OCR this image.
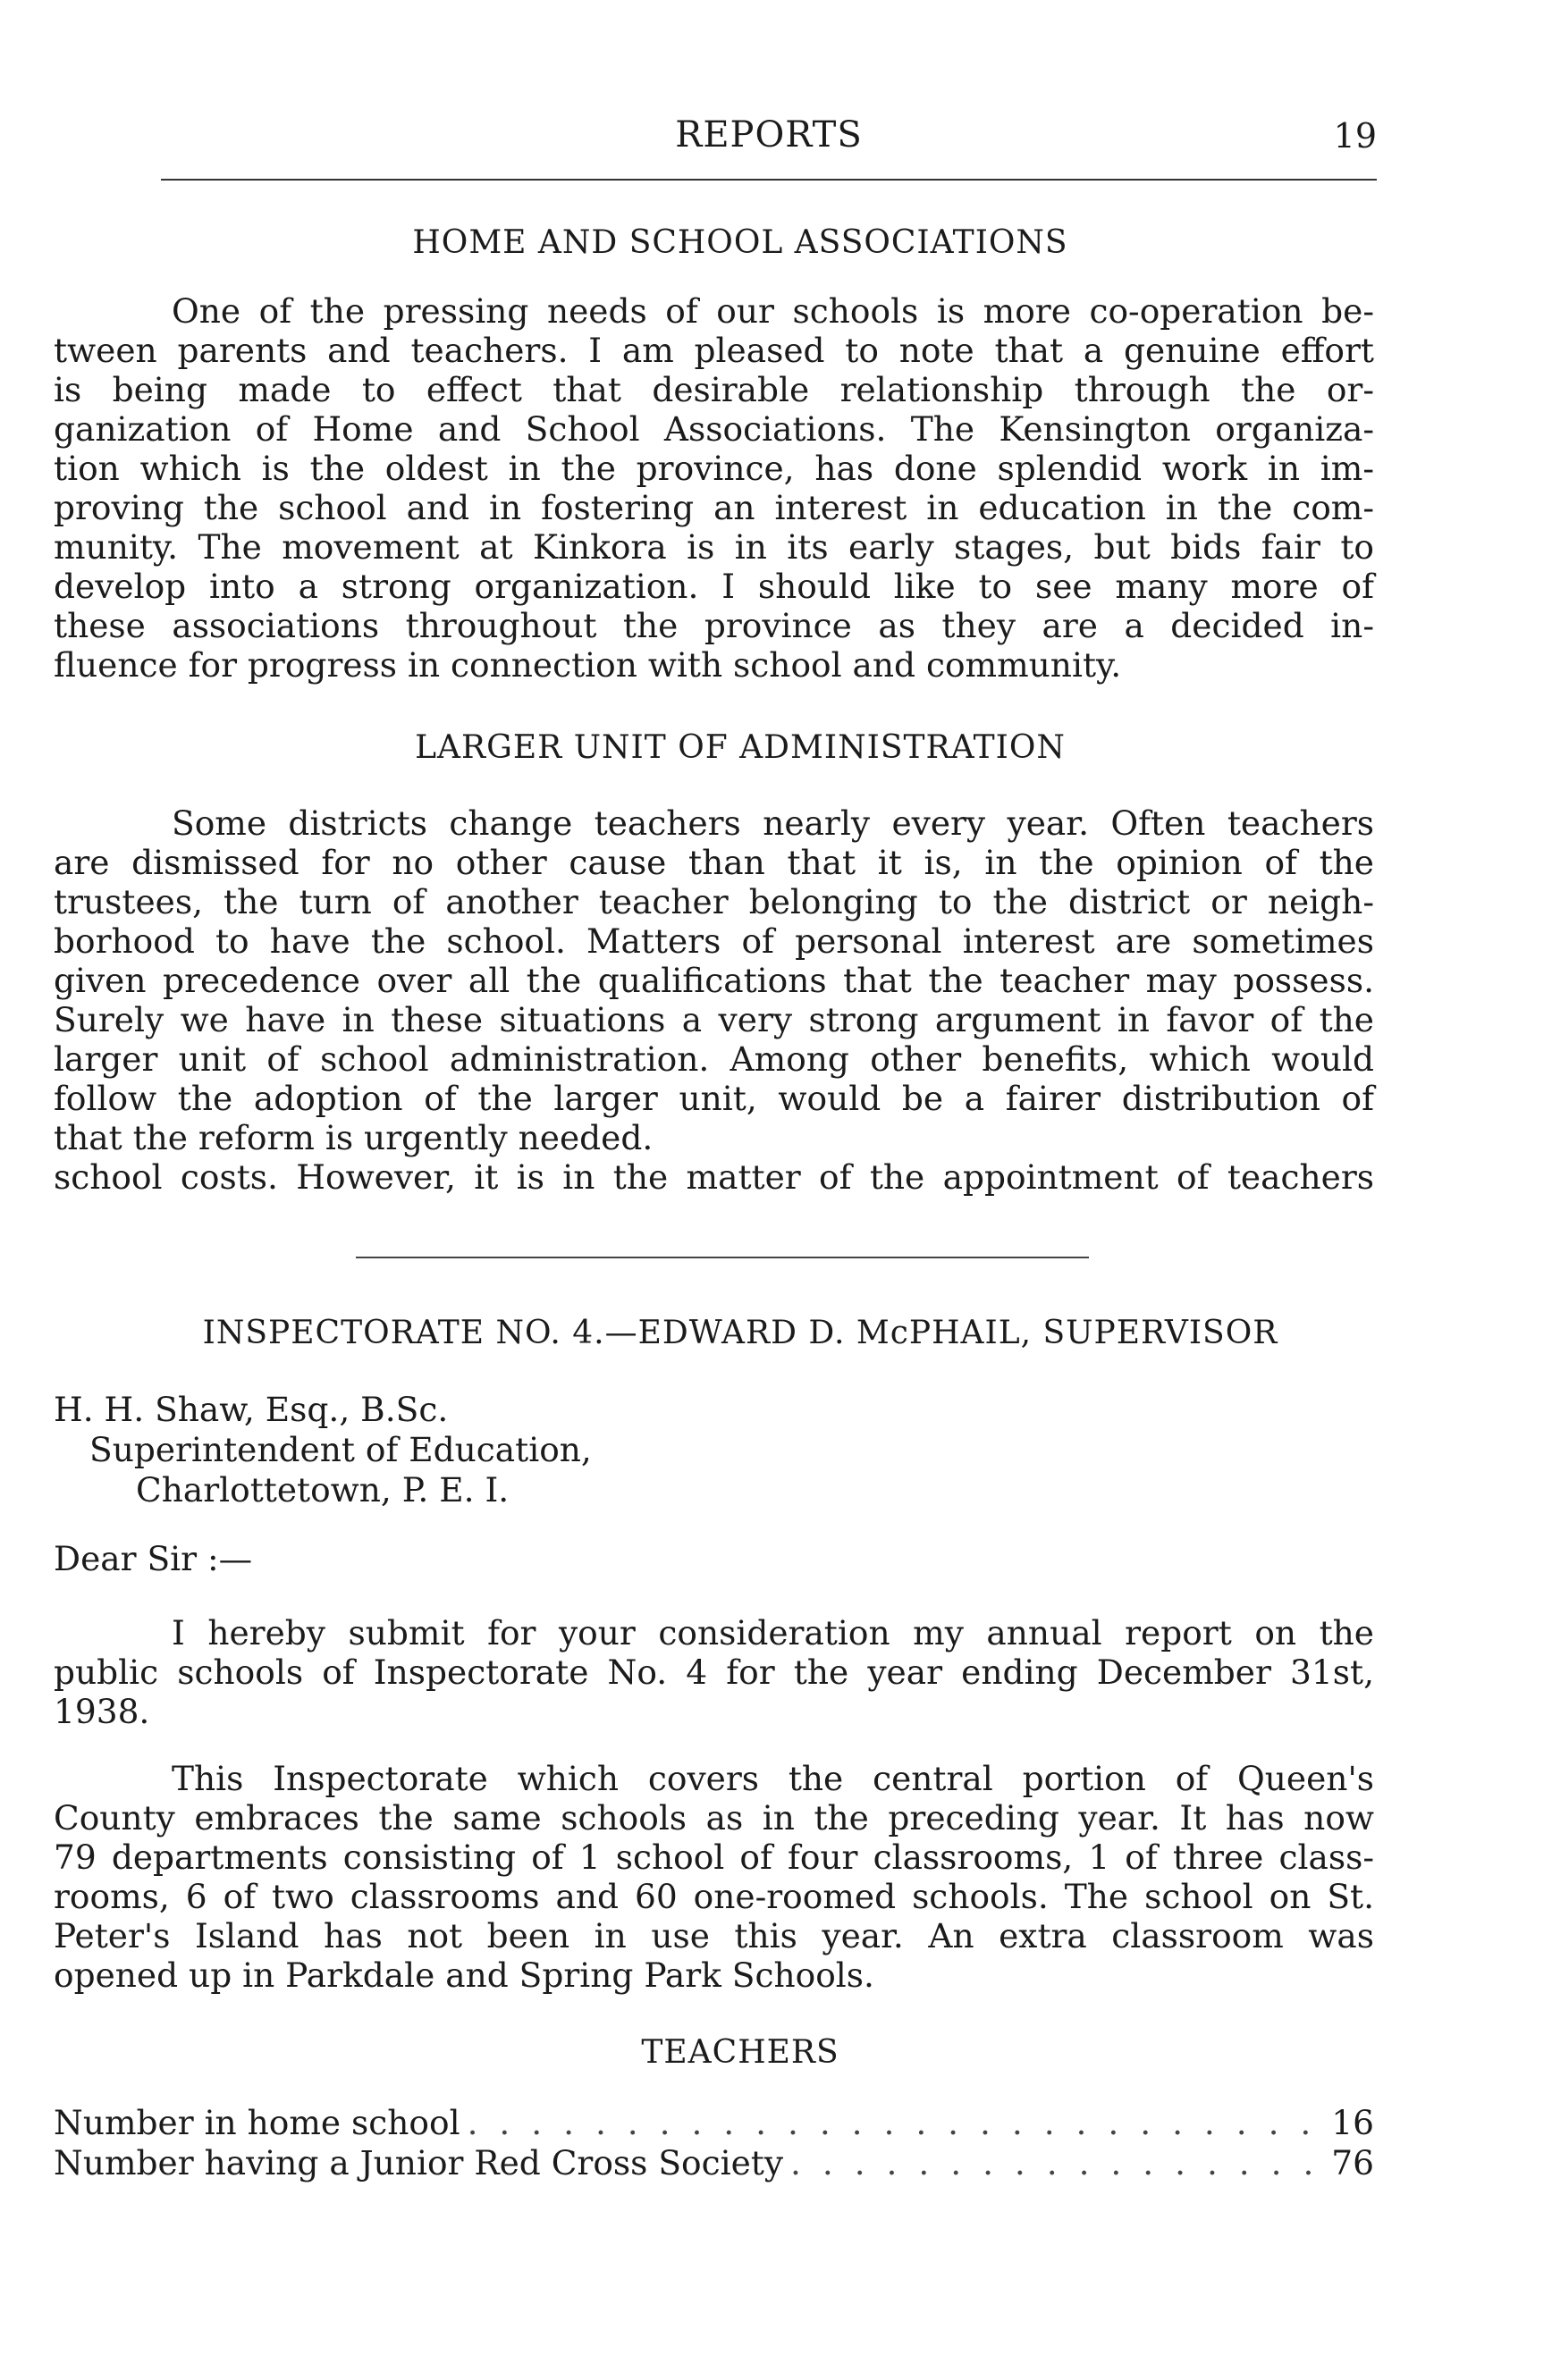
REPORTS	19
HOME AND SCHOOL ASSOCIATIONS
One of the pressing needs of our schools is more co-operation be-
tween parents and teachers. I am pleased to note that a genuine effort
is being made to effect that desirable relationship through the or-
ganization of Home and School Associations. The Kensington organiza-
tion which is the oldest in the province, has done splendid work in im-
proving the school and in fostering an interest in education in the com-
munity. The movement at Kinkora is in its early stages, but bids fair to
develop into a strong organization. I should like to see many more of
these associations throughout the province as they are a decided in-
fluence for progress in connection with school and community.
LARGER UNIT OF ADMINISTRATION
Some districts change teachers nearly every year. Often teachers
are dismissed for no other cause than that it is, in the opinion of the
trustees, the turn of another teacher belonging to the district or neigh-
borhood to have the school. Matters of personal interest are sometimes
given precedence over all the qualifications that the teacher may possess.
Surely we have in these situations a very strong argument in favor of the
larger unit of school administration. Among other benefits, which would
follow the adoption of the larger unit, would be a fairer distribution of
that the reform is urgently needed.
school costs. However, it is in the matter of the appointment of teachers
INSPECTORATE NO. 4.—EDWARD D. McPHAIL, SUPERVISOR
H. H. Shaw, Esq., B.Sc.
Superintendent of Education,
Charlottetown, P. E. I.
Dear Sir :—
I hereby submit for your consideration my annual report on the
public schools of Inspectorate No. 4 for the year ending December 31st,
1938.
This Inspectorate which covers the central portion of Queen's
County embraces the same schools as in the preceding year. It has now
79 departments consisting of 1 school of four classrooms, 1 of three class-
rooms, 6 of two classrooms and 60 one-roomed schools. The school on St.
Peter's Island has not been in use this year. An extra classroom was
opened up in Parkdale and Spring Park Schools.
TEACHERS
Number in home school . . .	16
Number having a Junior Red Cross Society . . .	76
